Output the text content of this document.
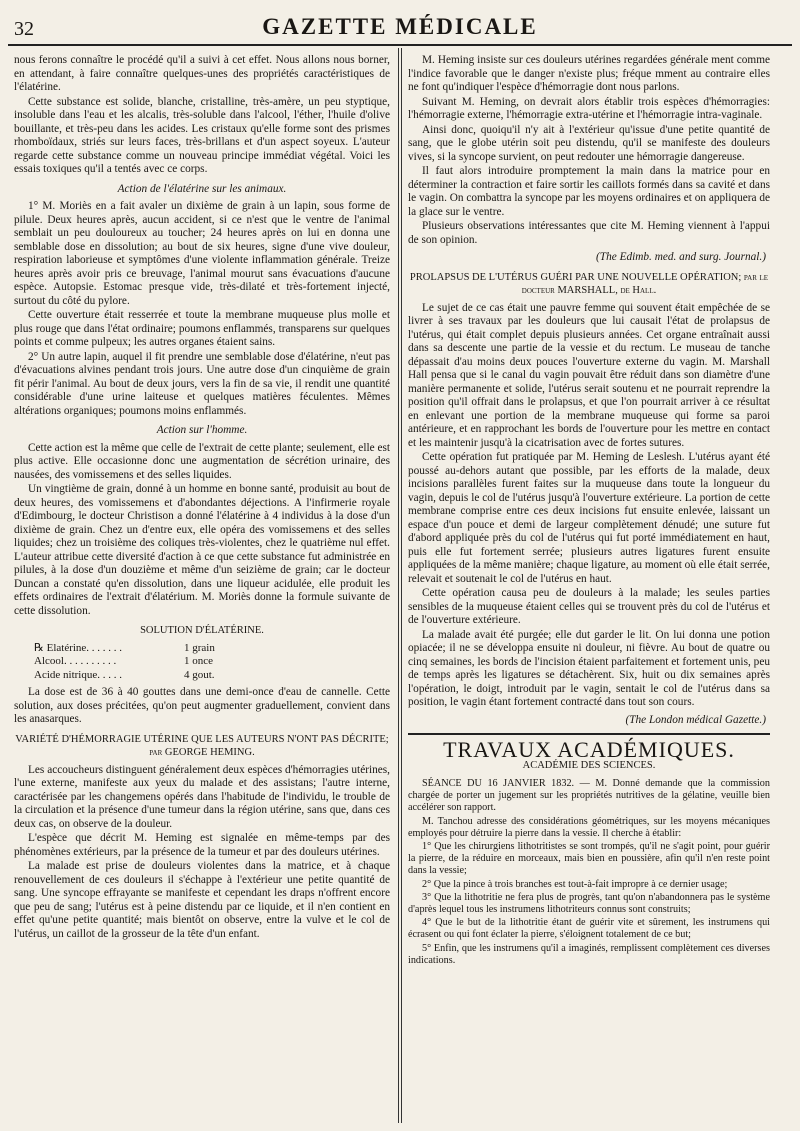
32	GAZETTE MÉDICALE

nous ferons connaître le procédé qu'il a suivi à cet effet. Nous allons nous borner, en attendant, à faire connaître quelques-unes des propriétés caractéristiques de l'élatérine.

Cette substance est solide, blanche, cristalline, très-amère, un peu styptique, insoluble dans l'eau et les alcalis, très-soluble dans l'alcool, l'éther, l'huile d'olive bouillante, et très-peu dans les acides. Les cristaux qu'elle forme sont des prismes rhomboïdaux, striés sur leurs faces, très-brillans et d'un aspect soyeux. L'auteur regarde cette substance comme un nouveau principe immédiat végétal. Voici les essais toxiques qu'il a tentés avec ce corps.

Action de l'élatérine sur les animaux.

1° M. Moriès en a fait avaler un dixième de grain à un lapin, sous forme de pilule. Deux heures après, aucun accident, si ce n'est que le ventre de l'animal semblait un peu douloureux au toucher; 24 heures après on lui en donna une semblable dose en dissolution; au bout de six heures, signe d'une vive douleur, respiration laborieuse et symptômes d'une violente inflammation générale. Treize heures après avoir pris ce breuvage, l'animal mourut sans évacuations d'aucune espèce. Autopsie. Estomac presque vide, très-dilaté et très-fortement injecté, surtout du côté du pylore.

Cette ouverture était resserrée et toute la membrane muqueuse plus molle et plus rouge que dans l'état ordinaire; poumons enflammés, transparens sur quelques points et comme pulpeux; les autres organes étaient sains.

2° Un autre lapin, auquel il fit prendre une semblable dose d'élatérine, n'eut pas d'évacuations alvines pendant trois jours. Une autre dose d'un cinquième de grain fit périr l'animal. Au bout de deux jours, vers la fin de sa vie, il rendit une quantité considérable d'une urine laiteuse et quelques matières féculentes. Mêmes altérations organiques; poumons moins enflammés.

Action sur l'homme.

Cette action est la même que celle de l'extrait de cette plante; seulement, elle est plus active. Elle occasionne donc une augmentation de sécrétion urinaire, des nausées, des vomissemens et des selles liquides.

Un vingtième de grain, donné à un homme en bonne santé, produisit au bout de deux heures, des vomissemens et d'abondantes déjections. A l'infirmerie royale d'Edimbourg, le docteur Christison a donné l'élatérine à 4 individus à la dose d'un dixième de grain. Chez un d'entre eux, elle opéra des vomissemens et des selles liquides; chez un troisième des coliques très-violentes, chez le quatrième nul effet. L'auteur attribue cette diversité d'action à ce que cette substance fut administrée en pilules, à la dose d'un douzième et même d'un seizième de grain; car le docteur Duncan a constaté qu'en dissolution, dans une liqueur acidulée, elle produit les effets ordinaires de l'extrait d'élatérium. M. Moriès donne la formule suivante de cette dissolution.

SOLUTION D'ÉLATÉRINE.

℞ Elatérine. . . . . . .	1 grain
Alcool. . . . . . . . . .	1 once
Acide nitrique. . . . .	4 gout.

La dose est de 36 à 40 gouttes dans une demi-once d'eau de cannelle. Cette solution, aux doses précitées, qu'on peut augmenter graduellement, convient dans les anasarques.

VARIÉTÉ D'HÉMORRAGIE UTÉRINE QUE LES AUTEURS N'ONT PAS DÉCRITE; par GEORGE HEMING.

Les accoucheurs distinguent généralement deux espèces d'hémorragies utérines, l'une externe, manifeste aux yeux du malade et des assistans; l'autre interne, caractérisée par les changemens opérés dans l'habitude de l'individu, le trouble de la circulation et la présence d'une tumeur dans la région utérine, sans que, dans ces deux cas, on observe de la douleur.

L'espèce que décrit M. Heming est signalée en même-temps par des phénomènes extérieurs, par la présence de la tumeur et par des douleurs utérines.

La malade est prise de douleurs violentes dans la matrice, et à chaque renouvellement de ces douleurs il s'échappe à l'extérieur une petite quantité de sang. Une syncope effrayante se manifeste et cependant les draps n'offrent encore que peu de sang; l'utérus est à peine distendu par ce liquide, et il n'en contient en effet qu'une petite quantité; mais bientôt on observe, entre la vulve et le col de l'utérus, un caillot de la grosseur de la tête d'un enfant.

M. Heming insiste sur ces douleurs utérines regardées générale ment comme l'indice favorable que le danger n'existe plus; fréque mment au contraire elles ne font qu'indiquer l'espèce d'hémorragie dont nous parlons.

Suivant M. Heming, on devrait alors établir trois espèces d'hémorragies: l'hémorragie externe, l'hémorragie extra-utérine et l'hémorragie intra-vaginale.

Ainsi donc, quoiqu'il n'y ait à l'extérieur qu'issue d'une petite quantité de sang, que le globe utérin soit peu distendu, qu'il se manifeste des douleurs vives, si la syncope survient, on peut redouter une hémorragie dangereuse.

Il faut alors introduire promptement la main dans la matrice pour en déterminer la contraction et faire sortir les caillots formés dans sa cavité et dans le vagin. On combattra la syncope par les moyens ordinaires et on appliquera de la glace sur le ventre.

Plusieurs observations intéressantes que cite M. Heming viennent à l'appui de son opinion.

(The Edimb. med. and surg. Journal.)

PROLAPSUS DE L'UTÉRUS GUÉRI PAR UNE NOUVELLE OPÉRATION; par le docteur MARSHALL, de Hall.

Le sujet de ce cas était une pauvre femme qui souvent était empêchée de se livrer à ses travaux par les douleurs que lui causait l'état de prolapsus de l'utérus, qui était complet depuis plusieurs années. Cet organe entraînait aussi dans sa descente une partie de la vessie et du rectum. Le museau de tanche dépassait d'au moins deux pouces l'ouverture externe du vagin. M. Marshall Hall pensa que si le canal du vagin pouvait être réduit dans son diamètre d'une manière permanente et solide, l'utérus serait soutenu et ne pourrait reprendre la position qu'il offrait dans le prolapsus, et que l'on pourrait arriver à ce résultat en enlevant une portion de la membrane muqueuse qui forme sa paroi antérieure, et en rapprochant les bords de l'ouverture pour les mettre en contact et les maintenir jusqu'à la cicatrisation avec de fortes sutures.

Cette opération fut pratiquée par M. Heming de Leslesh. L'utérus ayant été poussé au-dehors autant que possible, par les efforts de la malade, deux incisions parallèles furent faites sur la muqueuse dans toute la longueur du vagin, depuis le col de l'utérus jusqu'à l'ouverture extérieure. La portion de cette membrane comprise entre ces deux incisions fut ensuite enlevée, laissant un espace d'un pouce et demi de largeur complètement dénudé; une suture fut d'abord appliquée près du col de l'utérus qui fut porté immédiatement en haut, puis elle fut fortement serrée; plusieurs autres ligatures furent ensuite appliquées de la même manière; chaque ligature, au moment où elle était serrée, relevait et soutenait le col de l'utérus en haut.

Cette opération causa peu de douleurs à la malade; les seules parties sensibles de la muqueuse étaient celles qui se trouvent près du col de l'utérus et de l'ouverture extérieure.

La malade avait été purgée; elle dut garder le lit. On lui donna une potion opiacée; il ne se développa ensuite ni douleur, ni fièvre. Au bout de quatre ou cinq semaines, les bords de l'incision étaient parfaitement et fortement unis, peu de temps après les ligatures se détachèrent. Six, huit ou dix semaines après l'opération, le doigt, introduit par le vagin, sentait le col de l'utérus dans sa position, le vagin étant fortement contracté dans tout son cours.

(The London médical Gazette.)

TRAVAUX ACADÉMIQUES.

ACADÉMIE DES SCIENCES.

SÉANCE DU 16 JANVIER 1832. — M. Donné demande que la commission chargée de porter un jugement sur les propriétés nutritives de la gélatine, veuille bien accélérer son rapport.

M. Tanchou adresse des considérations géométriques, sur les moyens mécaniques employés pour détruire la pierre dans la vessie. Il cherche à établir:

1° Que les chirurgiens lithotritistes se sont trompés, qu'il ne s'agit point, pour guérir la pierre, de la réduire en morceaux, mais bien en poussière, afin qu'il n'en reste point dans la vessie;

2° Que la pince à trois branches est tout-à-fait impropre à ce dernier usage;

3° Que la lithotritie ne fera plus de progrès, tant qu'on n'abandonnera pas le système d'après lequel tous les instrumens lithotriteurs connus sont construits;

4° Que le but de la lithotritie étant de guérir vite et sûrement, les instrumens qui écrasent ou qui font éclater la pierre, s'éloignent totalement de ce but;

5° Enfin, que les instrumens qu'il a imaginés, remplissent complètement ces diverses indications.
